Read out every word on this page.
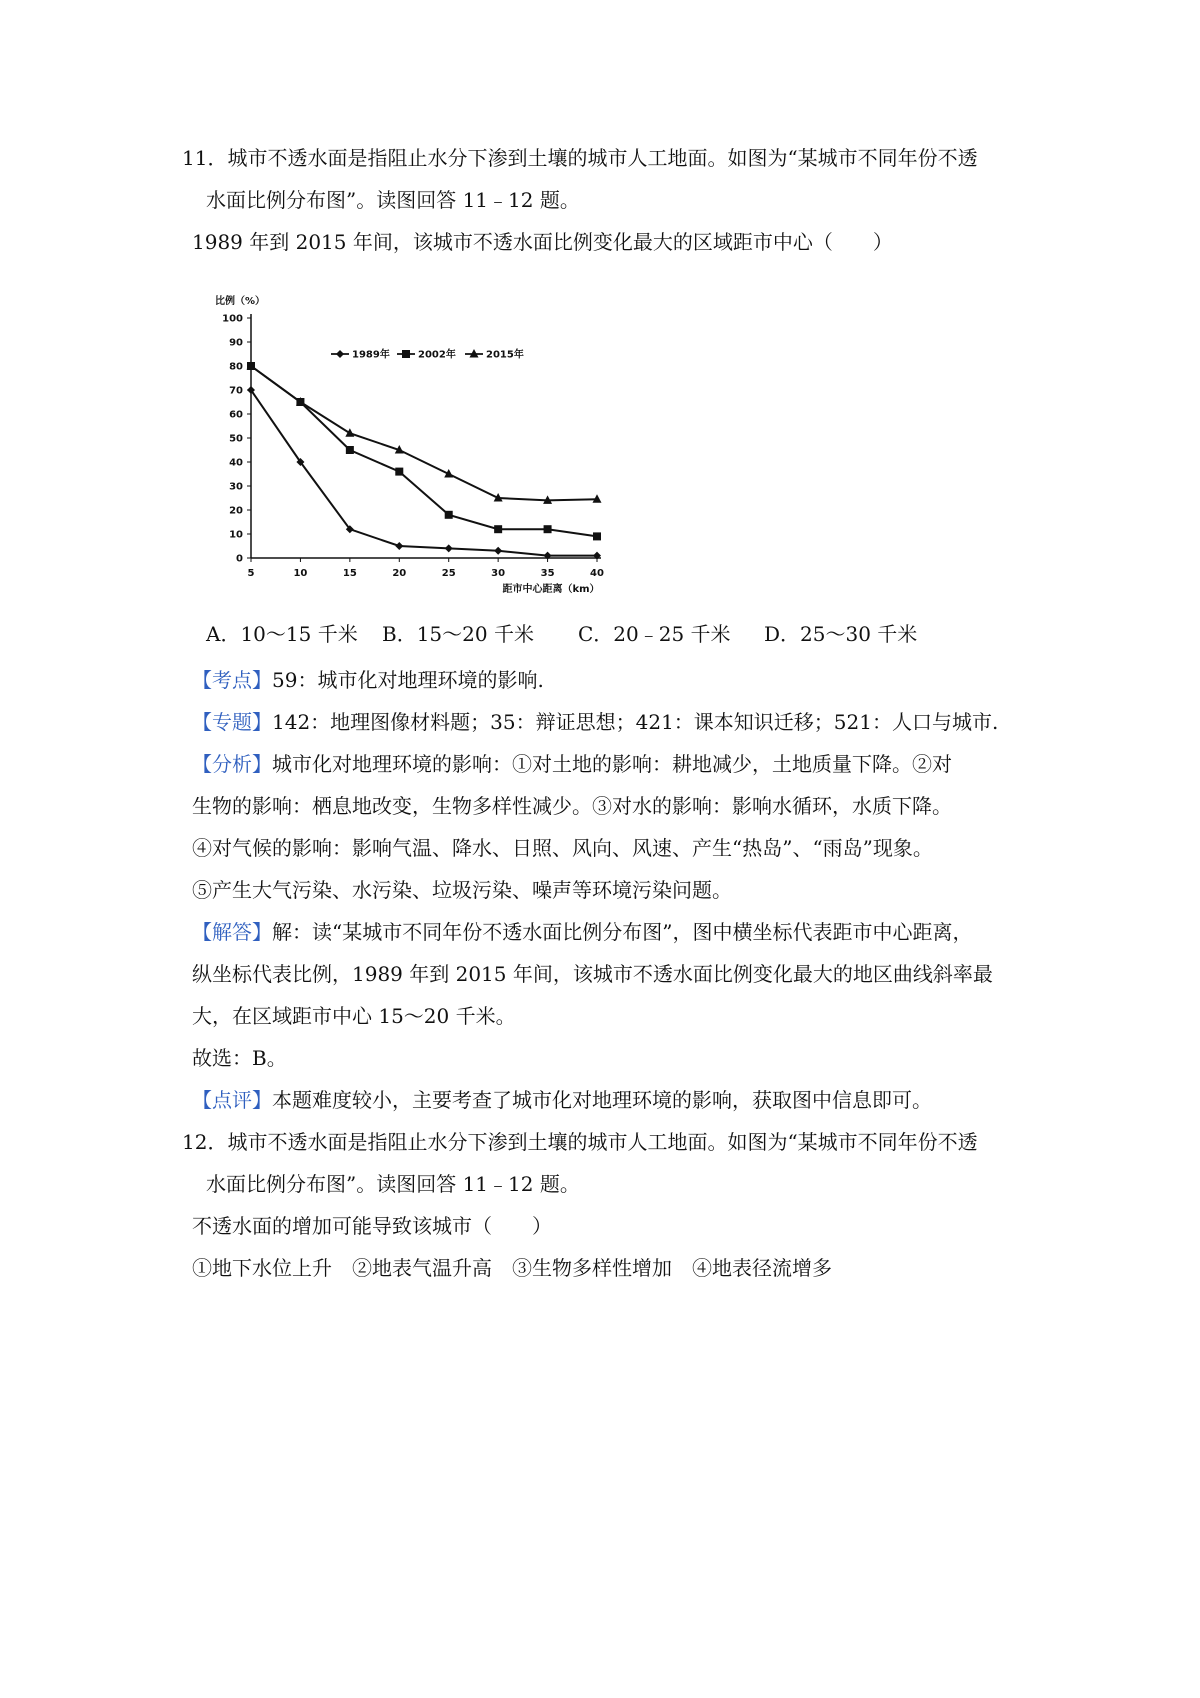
11．城市不透水面是指阻止水分下渗到土壤的城市人工地面。如图为“某城市不同年份不透
水面比例分布图”。读图回答 11﹣12 题。
1989 年到 2015 年间，该城市不透水面比例变化最大的区域距市中心（　　）
比例（%）
0
10
20
30
40
50
60
70
80
90
100
5	10	15	20	25	30	35	40
距市中心距离（km）
1989年	2002年	2015年
A．10～15 千米 B．15～20 千米 C．20﹣25 千米 D．25～30 千米
【考点】59：城市化对地理环境的影响.
【专题】142：地理图像材料题；35：辩证思想；421：课本知识迁移；521：人口与城市.
【分析】城市化对地理环境的影响：①对土地的影响：耕地减少，土地质量下降。②对
生物的影响：栖息地改变，生物多样性减少。③对水的影响：影响水循环，水质下降。
④对气候的影响：影响气温、降水、日照、风向、风速、产生“热岛”、“雨岛”现象。
⑤产生大气污染、水污染、垃圾污染、噪声等环境污染问题。
【解答】解：读“某城市不同年份不透水面比例分布图”，图中横坐标代表距市中心距离，
纵坐标代表比例，1989 年到 2015 年间，该城市不透水面比例变化最大的地区曲线斜率最
大，在区域距市中心 15～20 千米。
故选：B。
【点评】本题难度较小，主要考查了城市化对地理环境的影响，获取图中信息即可。
12．城市不透水面是指阻止水分下渗到土壤的城市人工地面。如图为“某城市不同年份不透
水面比例分布图”。读图回答 11﹣12 题。
不透水面的增加可能导致该城市（　　）
①地下水位上升　②地表气温升高　③生物多样性增加　④地表径流增多
